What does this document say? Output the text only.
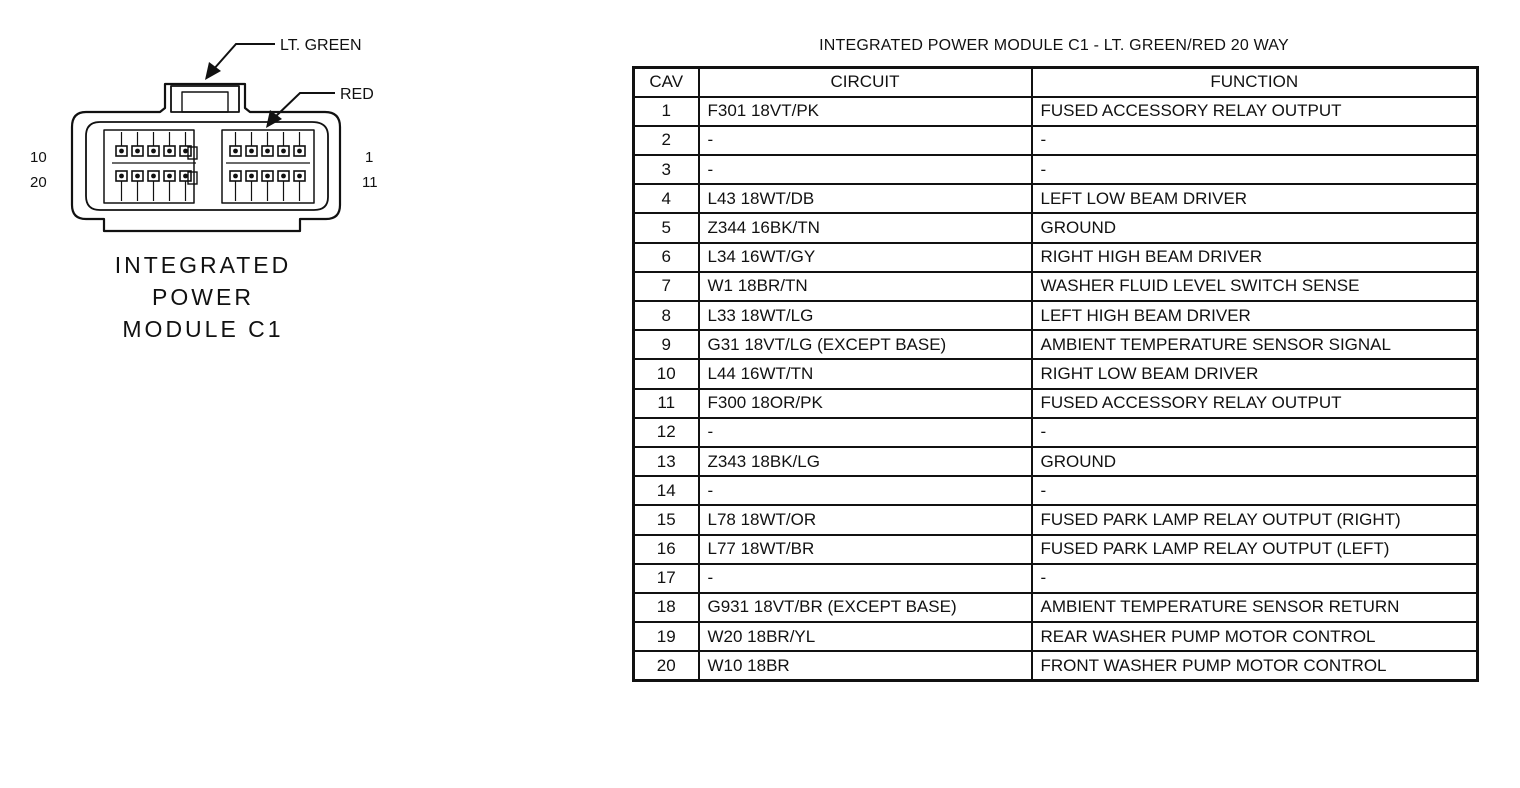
LT. GREEN
RED
10
20
1
11
INTEGRATED
POWER
MODULE C1
INTEGRATED POWER MODULE C1 - LT. GREEN/RED 20 WAY
CAV	CIRCUIT	FUNCTION
1	F301 18VT/PK	FUSED ACCESSORY RELAY OUTPUT
2	-	-
3	-	-
4	L43 18WT/DB	LEFT LOW BEAM DRIVER
5	Z344 16BK/TN	GROUND
6	L34 16WT/GY	RIGHT HIGH BEAM DRIVER
7	W1 18BR/TN	WASHER FLUID LEVEL SWITCH SENSE
8	L33 18WT/LG	LEFT HIGH BEAM DRIVER
9	G31 18VT/LG (EXCEPT BASE)	AMBIENT TEMPERATURE SENSOR SIGNAL
10	L44 16WT/TN	RIGHT LOW BEAM DRIVER
11	F300 18OR/PK	FUSED ACCESSORY RELAY OUTPUT
12	-	-
13	Z343 18BK/LG	GROUND
14	-	-
15	L78 18WT/OR	FUSED PARK LAMP RELAY OUTPUT (RIGHT)
16	L77 18WT/BR	FUSED PARK LAMP RELAY OUTPUT (LEFT)
17	-	-
18	G931 18VT/BR (EXCEPT BASE)	AMBIENT TEMPERATURE SENSOR RETURN
19	W20 18BR/YL	REAR WASHER PUMP MOTOR CONTROL
20	W10 18BR	FRONT WASHER PUMP MOTOR CONTROL
